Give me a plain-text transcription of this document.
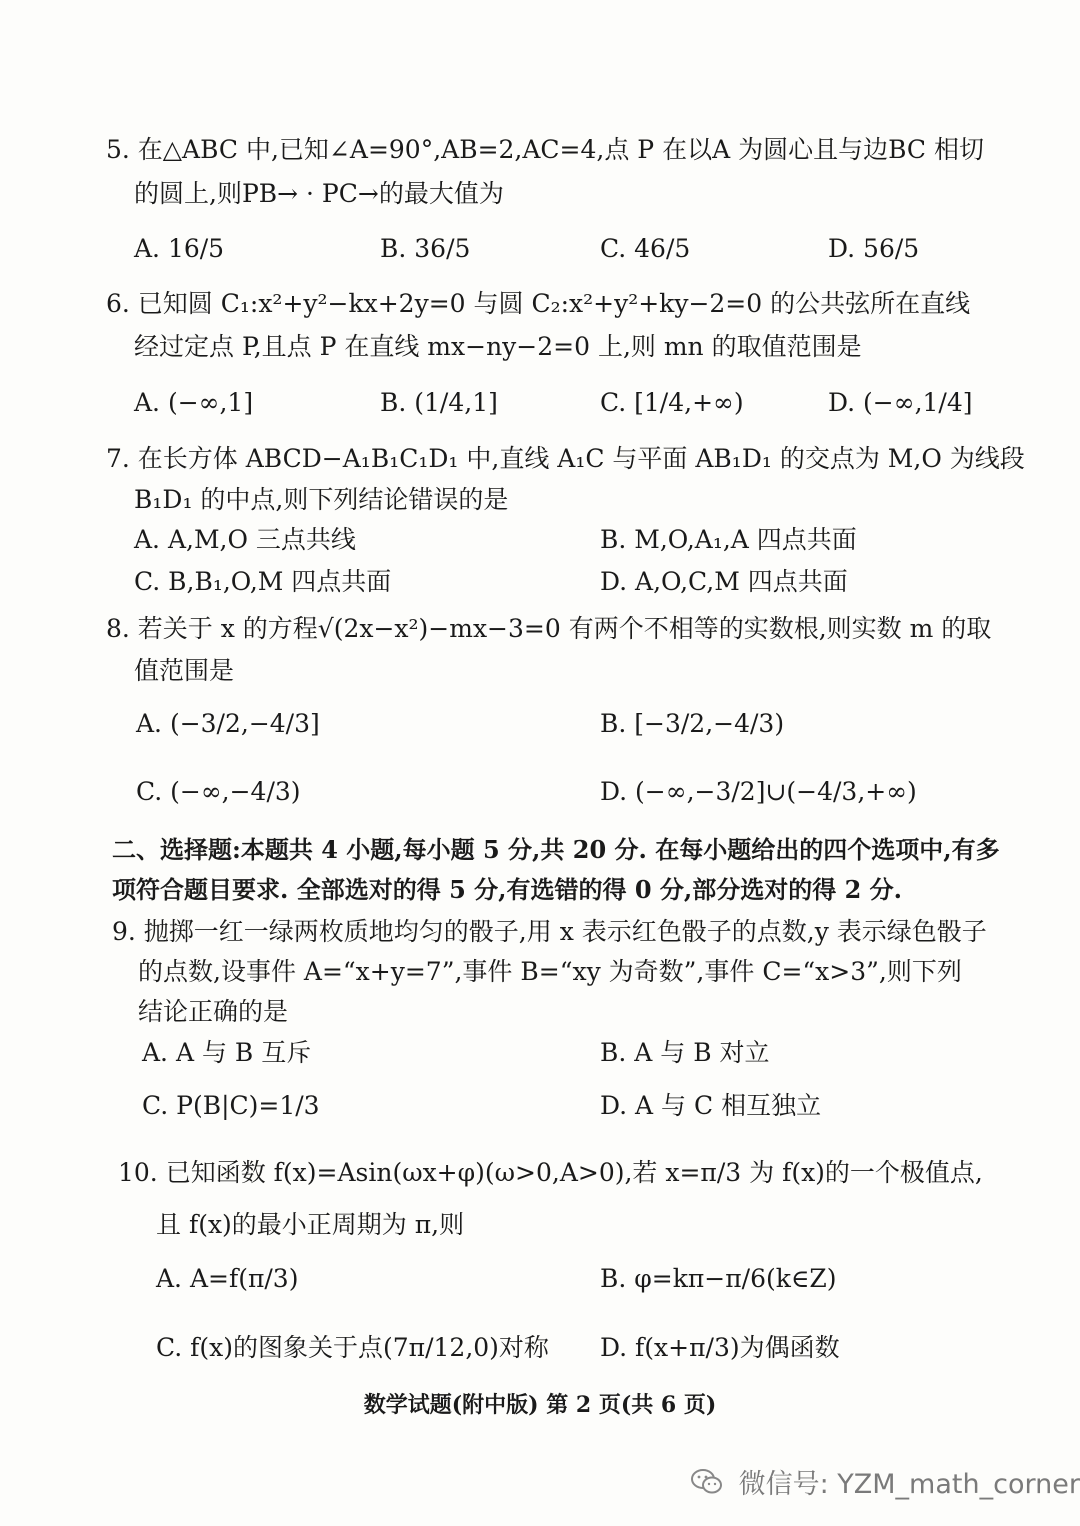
5. 在△ABC 中,已知∠A=90°,AB=2,AC=4,点 P 在以A 为圆心且与边BC 相切
的圆上,则PB→ · PC→的最大值为
A. 16/5	B. 36/5	C. 46/5	D. 56/5
6. 已知圆 C₁:x²+y²−kx+2y=0 与圆 C₂:x²+y²+ky−2=0 的公共弦所在直线
经过定点 P,且点 P 在直线 mx−ny−2=0 上,则 mn 的取值范围是
A. (−∞,1]	B. (1/4,1]	C. [1/4,+∞)	D. (−∞,1/4]
7. 在长方体 ABCD−A₁B₁C₁D₁ 中,直线 A₁C 与平面 AB₁D₁ 的交点为 M,O 为线段
B₁D₁ 的中点,则下列结论错误的是
A. A,M,O 三点共线	B. M,O,A₁,A 四点共面
C. B,B₁,O,M 四点共面	D. A,O,C,M 四点共面
8. 若关于 x 的方程√(2x−x²)−mx−3=0 有两个不相等的实数根,则实数 m 的取
值范围是
A. (−3/2,−4/3]	B. [−3/2,−4/3)
C. (−∞,−4/3)	D. (−∞,−3/2]∪(−4/3,+∞)
二、选择题:本题共 4 小题,每小题 5 分,共 20 分. 在每小题给出的四个选项中,有多
项符合题目要求. 全部选对的得 5 分,有选错的得 0 分,部分选对的得 2 分.
9. 抛掷一红一绿两枚质地均匀的骰子,用 x 表示红色骰子的点数,y 表示绿色骰子
的点数,设事件 A=“x+y=7”,事件 B=“xy 为奇数”,事件 C=“x>3”,则下列
结论正确的是
A. A 与 B 互斥	B. A 与 B 对立
C. P(B|C)=1/3	D. A 与 C 相互独立
10. 已知函数 f(x)=Asin(ωx+φ)(ω>0,A>0),若 x=π/3 为 f(x)的一个极值点,
且 f(x)的最小正周期为 π,则
A. A=f(π/3)	B. φ=kπ−π/6(k∈Z)
C. f(x)的图象关于点(7π/12,0)对称 D. f(x+π/3)为偶函数
数学试题(附中版) 第 2 页(共 6 页)
微信号: YZM_math_corner
